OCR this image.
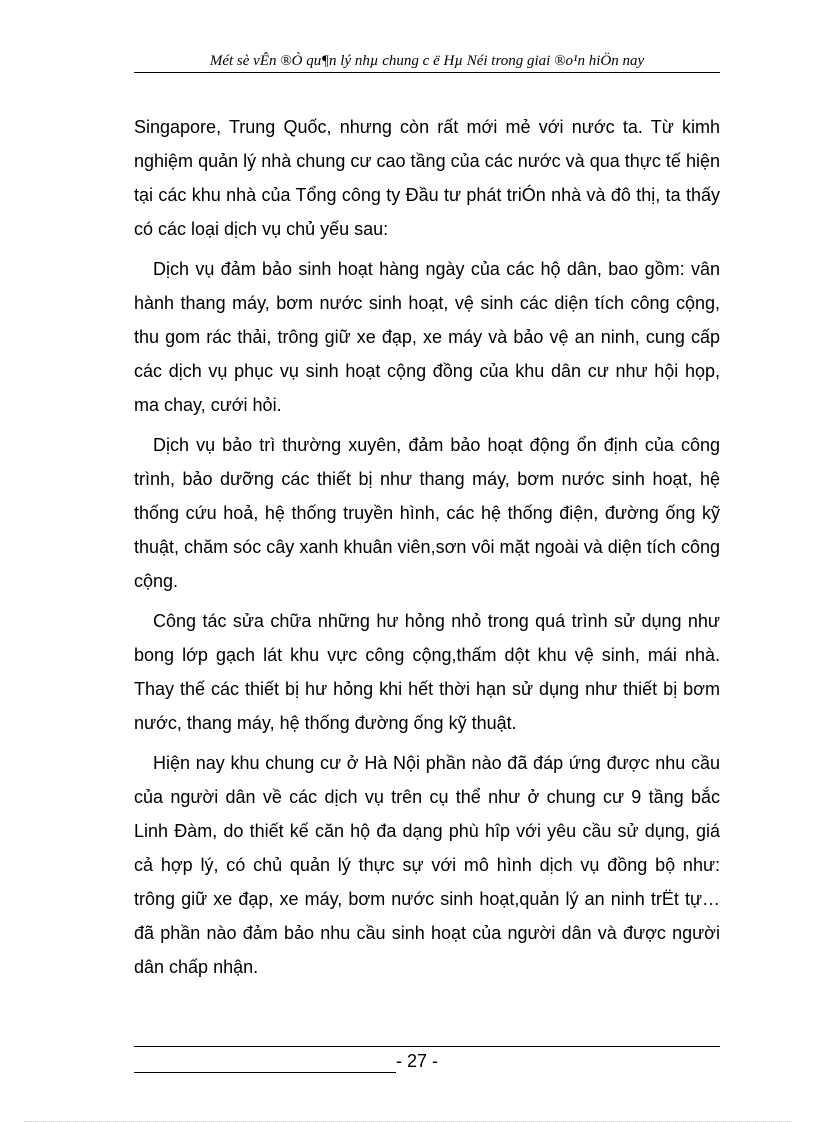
Mét sè vÊn ®Ò qu¶n lý nhµ chung c ë Hµ Néi trong giai ®o¹n hiÖn nay

Singapore, Trung Quốc, nhưng còn rất mới mẻ với nước ta. Từ kimh nghiệm quản lý nhà chung cư cao tầng của các nước và qua thực tế hiện tại các khu nhà của Tổng công ty Đầu tư phát triÓn nhà và đô thị, ta thấy có các loại dịch vụ chủ yếu sau:

Dịch vụ đảm bảo sinh hoạt hàng ngày của các hộ dân, bao gồm: vân hành thang máy, bơm nước sinh hoạt, vệ sinh các diện tích công cộng, thu gom rác thải, trông giữ xe đạp, xe máy và bảo vệ an ninh, cung cấp các dịch vụ phục vụ sinh hoạt cộng đồng của khu dân cư như hội họp, ma chay, cưới hỏi.

Dịch vụ bảo trì thường xuyên, đảm bảo hoạt động ổn định của công trình, bảo dưỡng các thiết bị như thang máy, bơm nước sinh hoạt, hệ thống cứu hoả, hệ thống truyền hình, các hệ thống điện, đường ống kỹ thuật, chăm sóc cây xanh khuân viên,sơn vôi mặt ngoài và diện tích công cộng.

Công tác sửa chữa những hư hỏng nhỏ trong quá trình sử dụng như bong lớp gạch lát khu vực công cộng,thấm dột khu vệ sinh, mái nhà. Thay thế các thiết bị hư hỏng khi hết thời hạn sử dụng như thiết bị bơm nước, thang máy, hệ thống đường ống kỹ thuật.

Hiện nay khu chung cư ở Hà Nội phần nào đã đáp ứng được nhu cầu của người dân về các dịch vụ trên cụ thể như ở chung cư 9 tầng bắc Linh Đàm, do thiết kế căn hộ đa dạng phù hîp với yêu cầu sử dụng, giá cả hợp lý, có chủ quản lý thực sự với mô hình dịch vụ đồng bộ như: trông giữ xe đạp, xe máy, bơm nước sinh hoạt,quản lý an ninh trËt tự… đã phần nào đảm bảo nhu cầu sinh hoạt của người dân và được người dân chấp nhận.

- 27 -
